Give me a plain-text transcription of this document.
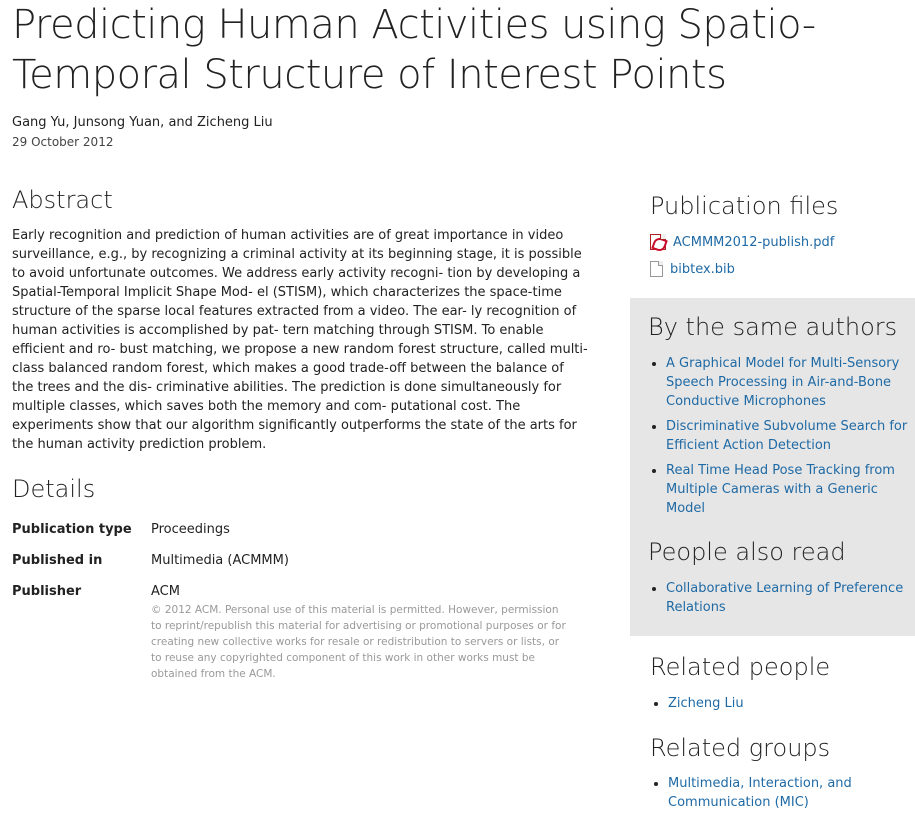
Predicting Human Activities using Spatio-Temporal Structure of Interest Points
Gang Yu, Junsong Yuan, and Zicheng Liu
29 October 2012
Abstract

Early recognition and prediction of human activities are of great importance in video surveillance, e.g., by recognizing a criminal activity at its beginning stage, it is possible to avoid unfortunate outcomes. We address early activity recogni- tion by developing a Spatial-Temporal Implicit Shape Mod- el (STISM), which characterizes the space-time structure of the sparse local features extracted from a video. The ear- ly recognition of human activities is accomplished by pat- tern matching through STISM. To enable efficient and ro- bust matching, we propose a new random forest structure, called multi-class balanced random forest, which makes a good trade-off between the balance of the trees and the dis- criminative abilities. The prediction is done simultaneously for multiple classes, which saves both the memory and com- putational cost. The experiments show that our algorithm significantly outperforms the state of the arts for the human activity prediction problem.

Details
Publication type	Proceedings
Published in	Multimedia (ACMMM)
Publisher	ACM
© 2012 ACM. Personal use of this material is permitted. However, permission to reprint/republish this material for advertising or promotional purposes or for creating new collective works for resale or redistribution to servers or lists, or to reuse any copyrighted component of this work in other works must be obtained from the ACM.
Publication files
ACMMM2012-publish.pdf
bibtex.bib
By the same authors
• A Graphical Model for Multi-Sensory Speech Processing in Air-and-Bone Conductive Microphones
• Discriminative Subvolume Search for Efficient Action Detection
• Real Time Head Pose Tracking from Multiple Cameras with a Generic Model
People also read
• Collaborative Learning of Preference Relations
Related people
• Zicheng Liu
Related groups
• Multimedia, Interaction, and Communication (MIC)
